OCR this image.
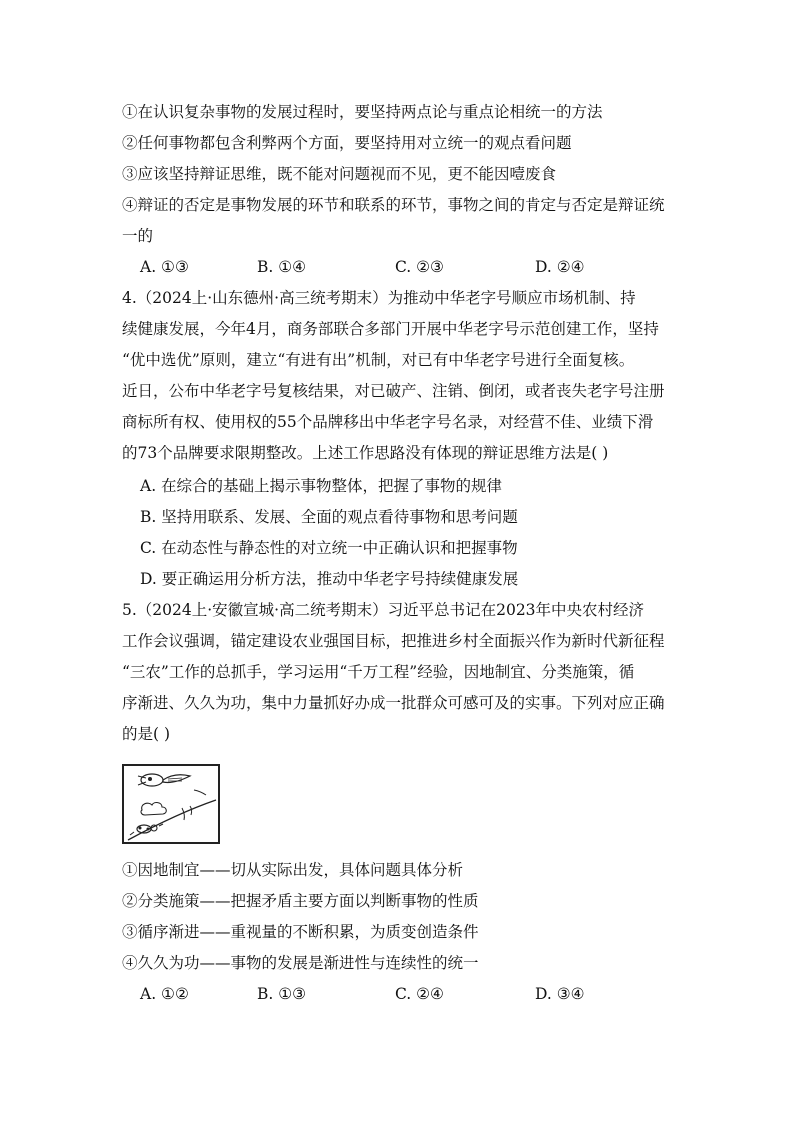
①在认识复杂事物的发展过程时，要坚持两点论与重点论相统一的方法
②任何事物都包含利弊两个方面，要坚持用对立统一的观点看问题
③应该坚持辩证思维，既不能对问题视而不见，更不能因噎废食
④辩证的否定是事物发展的环节和联系的环节，事物之间的肯定与否定是辩证统
一的
A. ①③	B. ①④	C. ②③	D. ②④
4.（2024上·山东德州·高三统考期末）为推动中华老字号顺应市场机制、持
续健康发展，今年4月，商务部联合多部门开展中华老字号示范创建工作，坚持
“优中选优”原则，建立“有进有出”机制，对已有中华老字号进行全面复核。
近日，公布中华老字号复核结果，对已破产、注销、倒闭，或者丧失老字号注册
商标所有权、使用权的55个品牌移出中华老字号名录，对经营不佳、业绩下滑
的73个品牌要求限期整改。上述工作思路没有体现的辩证思维方法是( )
A. 在综合的基础上揭示事物整体，把握了事物的规律
B. 坚持用联系、发展、全面的观点看待事物和思考问题
C. 在动态性与静态性的对立统一中正确认识和把握事物
D. 要正确运用分析方法，推动中华老字号持续健康发展
5.（2024上·安徽宣城·高二统考期末）习近平总书记在2023年中央农村经济
工作会议强调，锚定建设农业强国目标，把推进乡村全面振兴作为新时代新征程
“三农”工作的总抓手，学习运用“千万工程”经验，因地制宜、分类施策，循
序渐进、久久为功，集中力量抓好办成一批群众可感可及的实事。下列对应正确
的是( )
①因地制宜——切从实际出发，具体问题具体分析
②分类施策——把握矛盾主要方面以判断事物的性质
③循序渐进——重视量的不断积累，为质变创造条件
④久久为功——事物的发展是渐进性与连续性的统一
A. ①②	B. ①③	C. ②④	D. ③④
